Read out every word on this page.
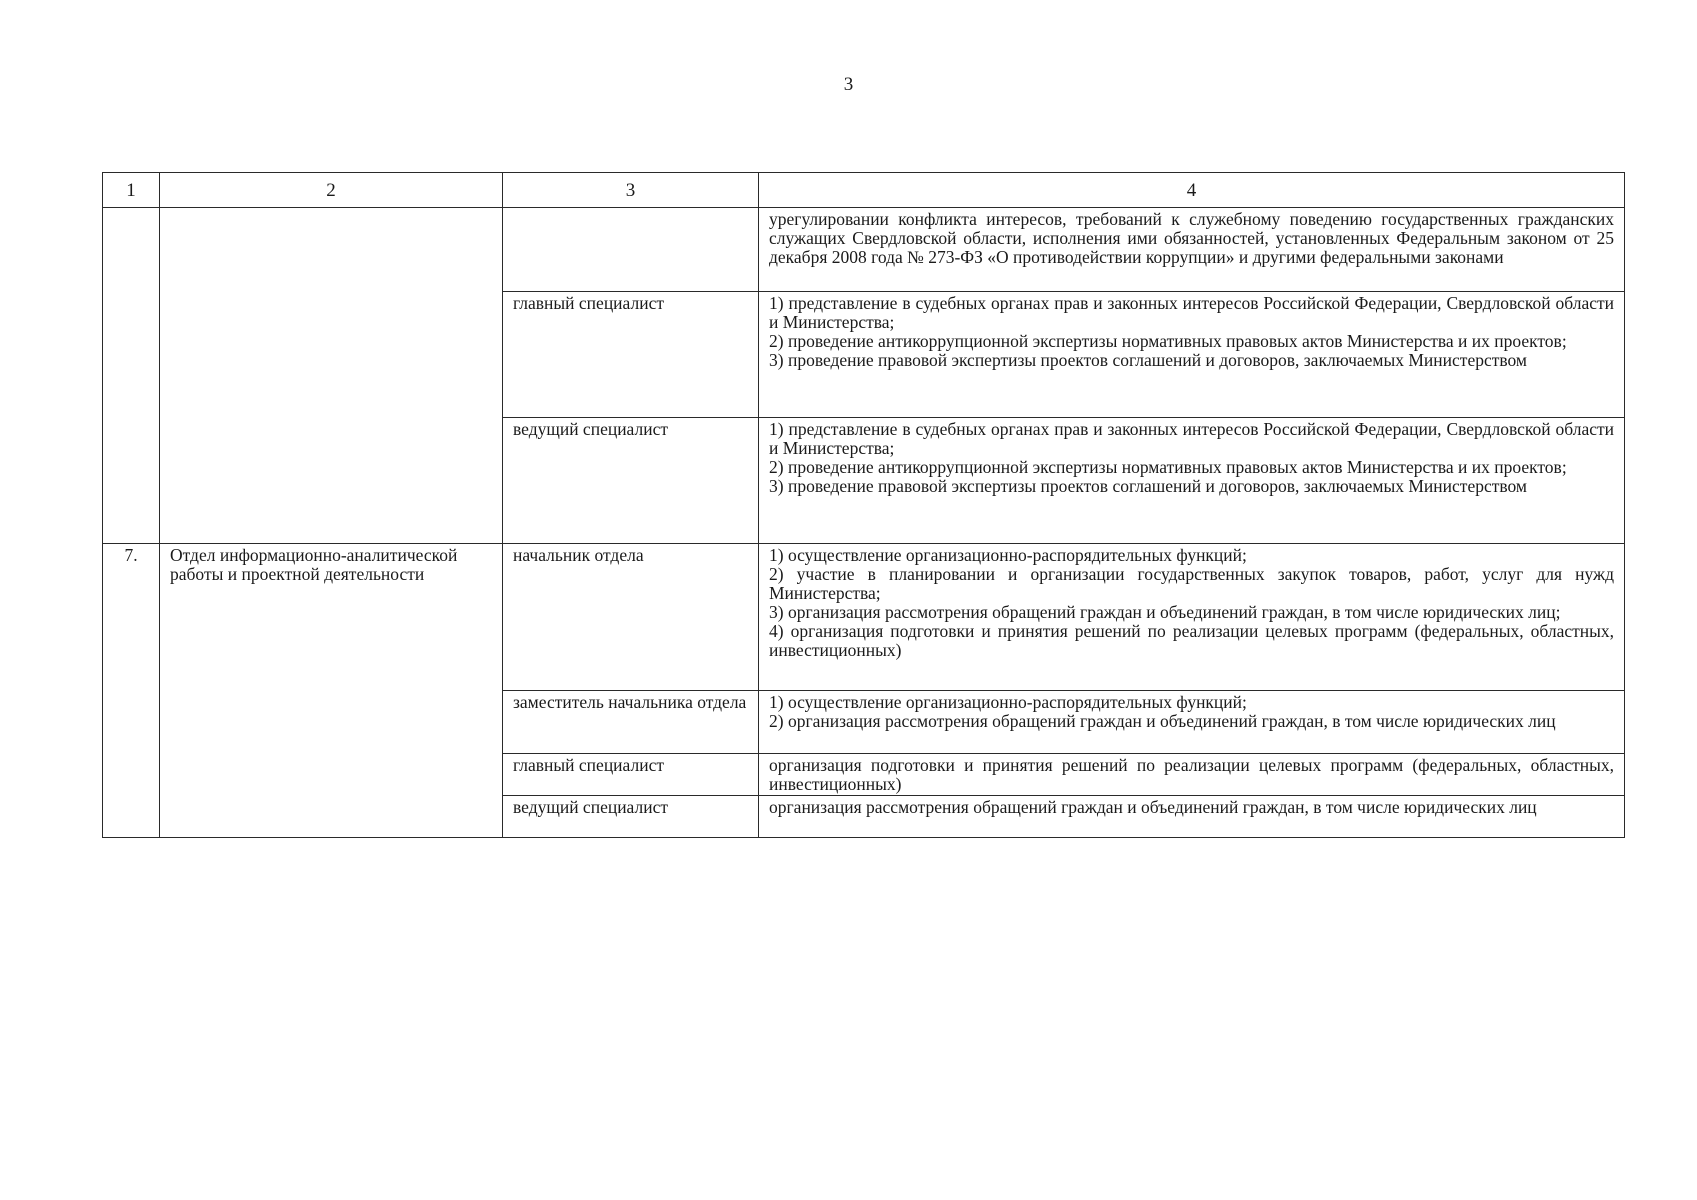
3
1	2	3	4

			урегулировании конфликта интересов, требований к служебному поведению государственных гражданских служащих Свердловской области, исполнения ими обязанностей, установленных Федеральным законом от 25 декабря 2008 года № 273-ФЗ «О противодействии коррупции» и другими федеральными законами

		главный специалист	1) представление в судебных органах прав и законных интересов Российской Федерации, Свердловской области и Министерства;
2) проведение антикоррупционной экспертизы нормативных правовых актов Министерства и их проектов;
3) проведение правовой экспертизы проектов соглашений и договоров, заключаемых Министерством

		ведущий специалист	1) представление в судебных органах прав и законных интересов Российской Федерации, Свердловской области и Министерства;
2) проведение антикоррупционной экспертизы нормативных правовых актов Министерства и их проектов;
3) проведение правовой экспертизы проектов соглашений и договоров, заключаемых Министерством

7.	Отдел информационно-аналитической работы и проектной деятельности	начальник отдела	1) осуществление организационно-распорядительных функций;
2) участие в планировании и организации государственных закупок товаров, работ, услуг для нужд Министерства;
3) организация рассмотрения обращений граждан и объединений граждан, в том числе юридических лиц;
4) организация подготовки и принятия решений по реализации целевых программ (федеральных, областных, инвестиционных)

		заместитель начальника отдела	1) осуществление организационно-распорядительных функций;
2) организация рассмотрения обращений граждан и объединений граждан, в том числе юридических лиц

		главный специалист	организация подготовки и принятия решений по реализации целевых программ (федеральных, областных, инвестиционных)

		ведущий специалист	организация рассмотрения обращений граждан и объединений граждан, в том числе юридических лиц
